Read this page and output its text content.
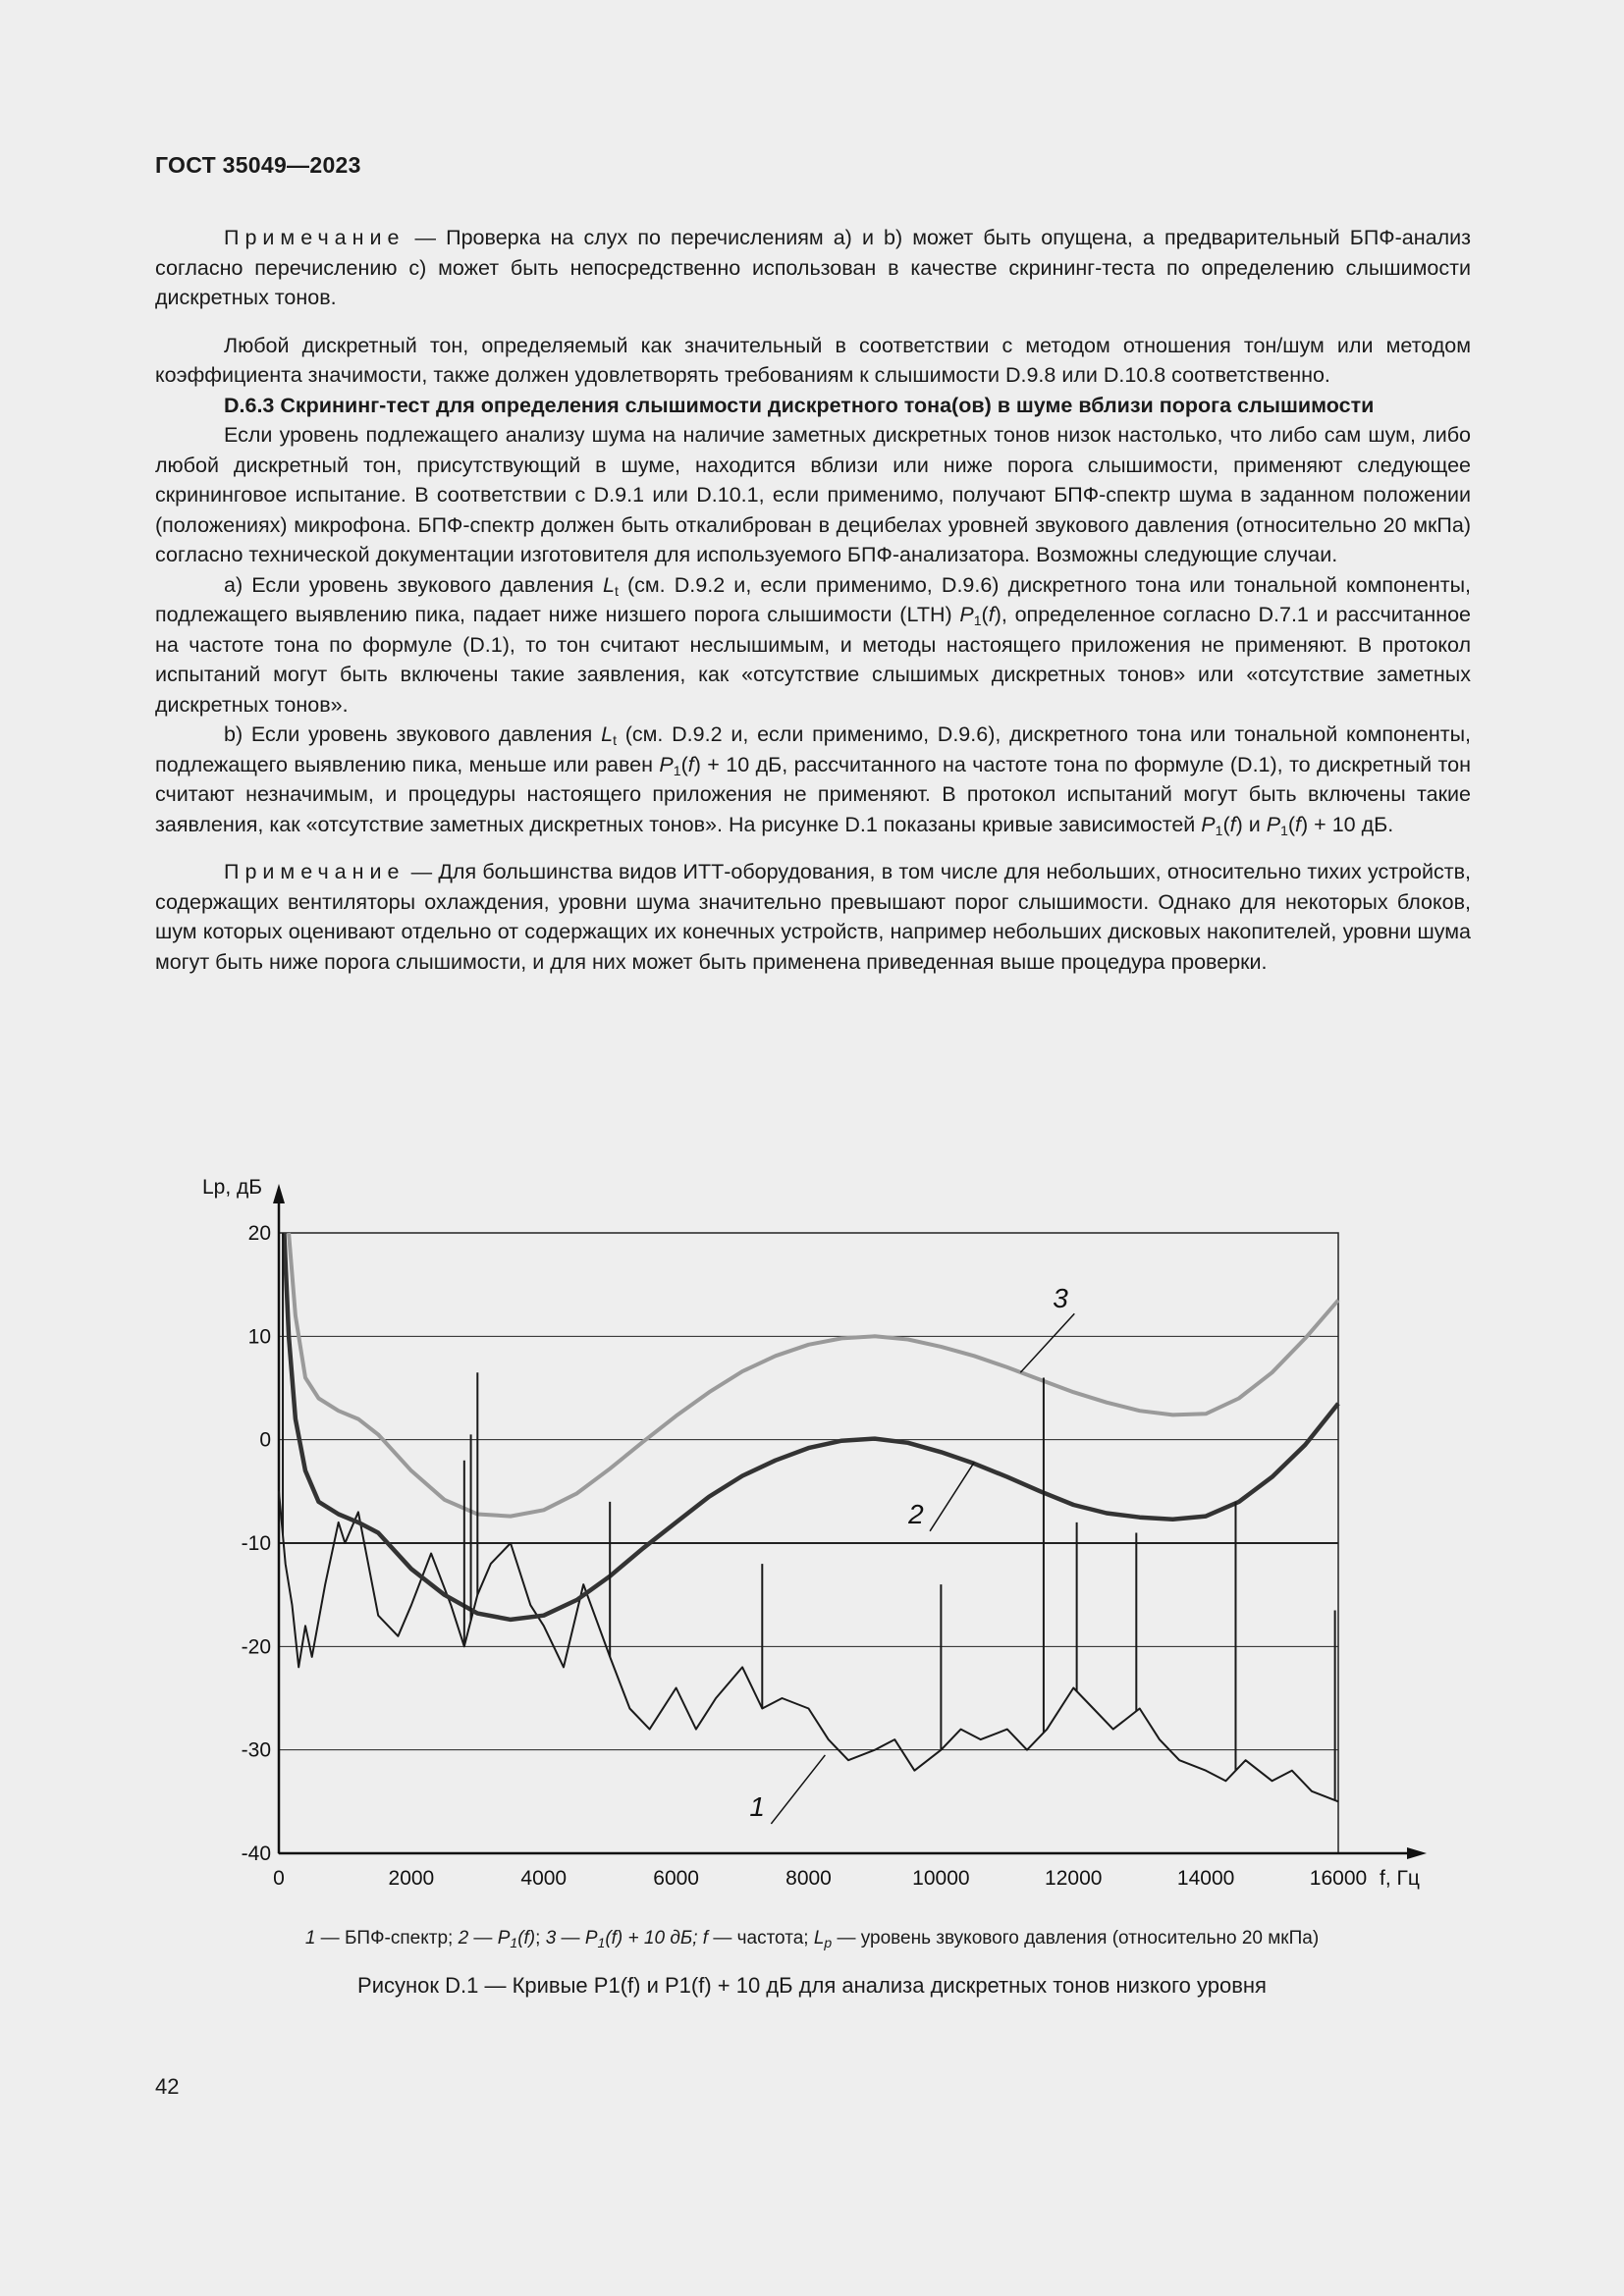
ГОСТ 35049—2023

Примечание — Проверка на слух по перечислениям а) и b) может быть опущена, а предварительный БПФ-анализ согласно перечислению с) может быть непосредственно использован в качестве скрининг-теста по определению слышимости дискретных тонов.

Любой дискретный тон, определяемый как значительный в соответствии с методом отношения тон/шум или методом коэффициента значимости, также должен удовлетворять требованиям к слышимости D.9.8 или D.10.8 соответственно.

D.6.3 Скрининг-тест для определения слышимости дискретного тона(ов) в шуме вблизи порога слышимости

Если уровень подлежащего анализу шума на наличие заметных дискретных тонов низок настолько, что либо сам шум, либо любой дискретный тон, присутствующий в шуме, находится вблизи или ниже порога слышимости, применяют следующее скрининговое испытание. В соответствии с D.9.1 или D.10.1, если применимо, получают БПФ-спектр шума в заданном положении (положениях) микрофона. БПФ-спектр должен быть откалиброван в децибелах уровней звукового давления (относительно 20 мкПа) согласно технической документации изготовителя для используемого БПФ-анализатора. Возможны следующие случаи.

а) Если уровень звукового давления $L_t$ (см. D.9.2 и, если применимо, D.9.6) дискретного тона или тональной компоненты, подлежащего выявлению пика, падает ниже низшего порога слышимости (LTH) $P_1(f)$, определенное согласно D.7.1 и рассчитанное на частоте тона по формуле (D.1), то тон считают неслышимым, и методы настоящего приложения не применяют. В протокол испытаний могут быть включены такие заявления, как «отсутствие слышимых дискретных тонов» или «отсутствие заметных дискретных тонов».

b) Если уровень звукового давления $L_t$ (см. D.9.2 и, если применимо, D.9.6), дискретного тона или тональной компоненты, подлежащего выявлению пика, меньше или равен $P_1(f) + 10$ дБ, рассчитанного на частоте тона по формуле (D.1), то дискретный тон считают незначимым, и процедуры настоящего приложения не применяют. В протокол испытаний могут быть включены такие заявления, как «отсутствие заметных дискретных тонов». На рисунке D.1 показаны кривые зависимостей $P_1(f)$ и $P_1(f) + 10$ дБ.

Примечание — Для большинства видов ИТТ-оборудования, в том числе для небольших, относительно тихих устройств, содержащих вентиляторы охлаждения, уровни шума значительно превышают порог слышимости. Однако для некоторых блоков, шум которых оценивают отдельно от содержащих их конечных устройств, например небольших дисковых накопителей, уровни шума могут быть ниже порога слышимости, и для них может быть применена приведенная выше процедура проверки.

20
10
0
-10
-20
-30
-40
0	2000	4000	6000	8000	10000	12000	14000	16000
Lp, дБ
f, Гц
1
2
3
1 — БПФ-спектр; 2 — $P_1(f)$; 3 — $P_1(f) + 10$ дБ; f — частота; $L_p$ — уровень звукового давления (относительно 20 мкПа)
Рисунок D.1 — Кривые P1(f) и P1(f) + 10 дБ для анализа дискретных тонов низкого уровня
42
